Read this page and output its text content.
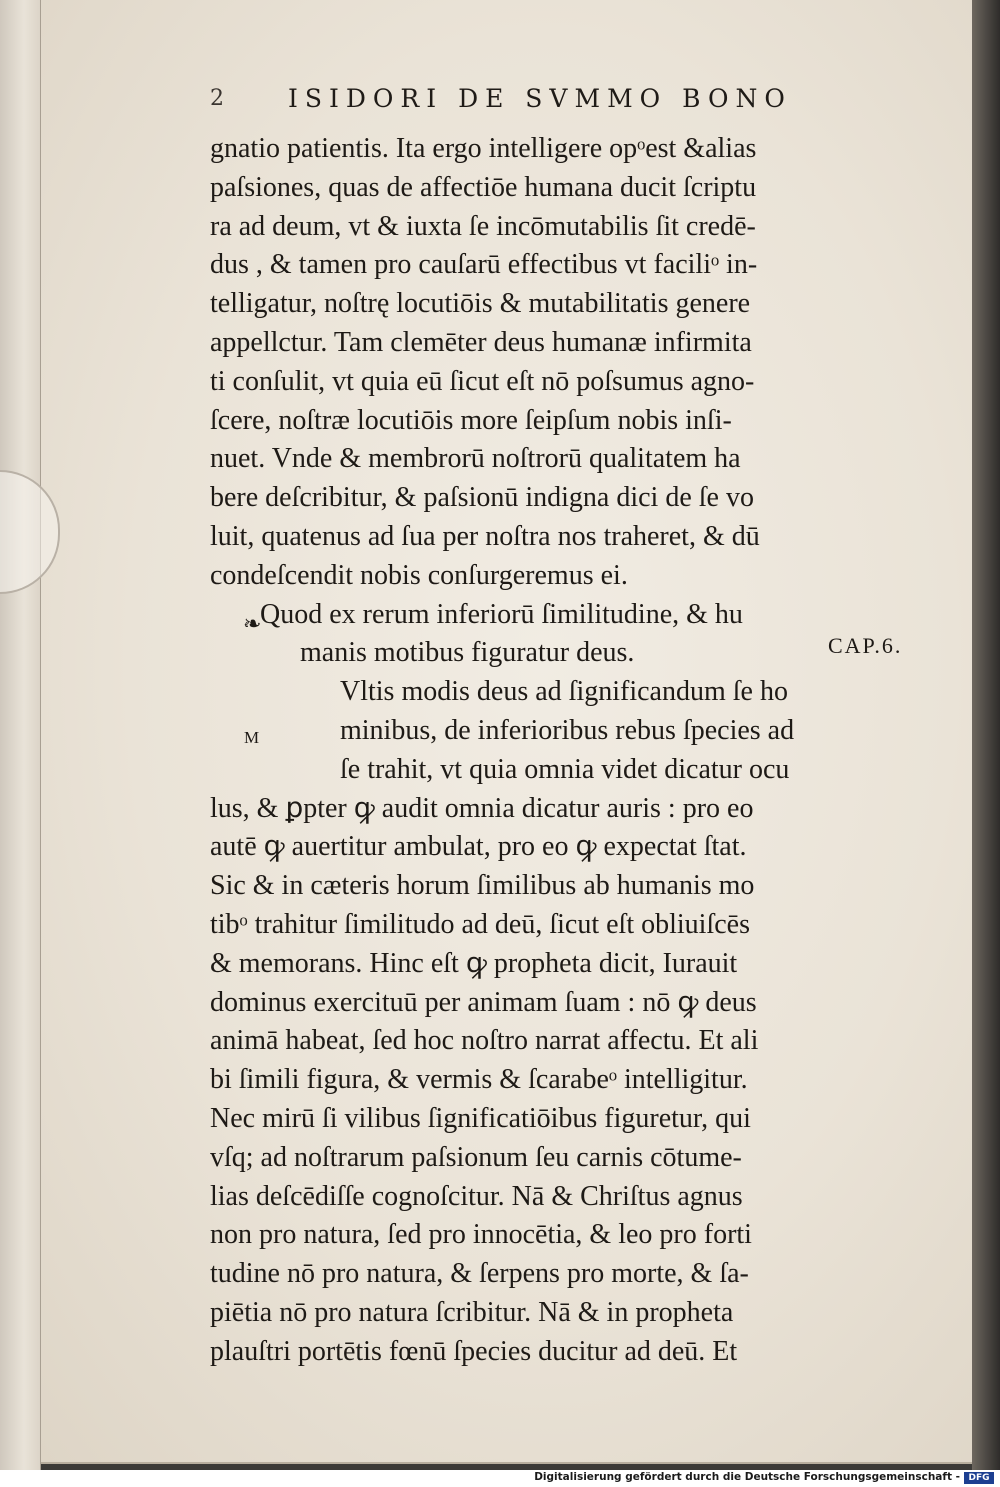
2	ISIDORI DE SVMMO BONO
❧
CAP.6.
M
gnatio patientis. Ita ergo intelligere opᵒest &alias
paſsiones, quas de affectiōe humana ducit ſcriptu
ra ad deum, vt & iuxta ſe incōmutabilis ſit credē-
dus , & tamen pro cauſarū effectibus vt faciliᵒ in-
telligatur, noſtrę locutiōis & mutabilitatis genere
appellctur. Tam clemēter deus humanæ infirmita
ti conſulit, vt quia eū ſicut eſt nō poſsumus agno-
ſcere, noſtræ locutiōis more ſeipſum nobis inſi-
nuet. Vnde & membrorū noſtrorū qualitatem ha
bere deſcribitur, & paſsionū indigna dici de ſe vo
luit, quatenus ad ſua per noſtra nos traheret, & dū
condeſcendit nobis conſurgeremus ei.
Quod ex rerum inferiorū ſimilitudine, & hu
manis motibus figuratur deus.
Vltis modis deus ad ſignificandum ſe ho
minibus, de inferioribus rebus ſpecies ad
ſe trahit, vt quia omnia videt dicatur ocu
lus, & ꝑpter ꝙ audit omnia dicatur auris : pro eo
autē ꝙ auertitur ambulat, pro eo ꝙ expectat ſtat.
Sic & in cæteris horum ſimilibus ab humanis mo
tibᵒ trahitur ſimilitudo ad deū, ſicut eſt obliuiſcēs
& memorans. Hinc eſt ꝙ propheta dicit, Iurauit
dominus exercituū per animam ſuam : nō ꝙ deus
animā habeat, ſed hoc noſtro narrat affectu. Et ali
bi ſimili figura, & vermis & ſcarabeᵒ intelligitur.
Nec mirū ſi vilibus ſignificatiōibus figuretur, qui
vſq; ad noſtrarum paſsionum ſeu carnis cōtume-
lias deſcēdiſſe cognoſcitur. Nā & Chriſtus agnus
non pro natura, ſed pro innocētia, & leo pro forti
tudine nō pro natura, & ſerpens pro morte, & ſa-
piētia nō pro natura ſcribitur. Nā & in propheta
plauſtri portētis fœnū ſpecies ducitur ad deū. Et
Digitalisierung gefördert durch die Deutsche Forschungsgemeinschaft - DFG
